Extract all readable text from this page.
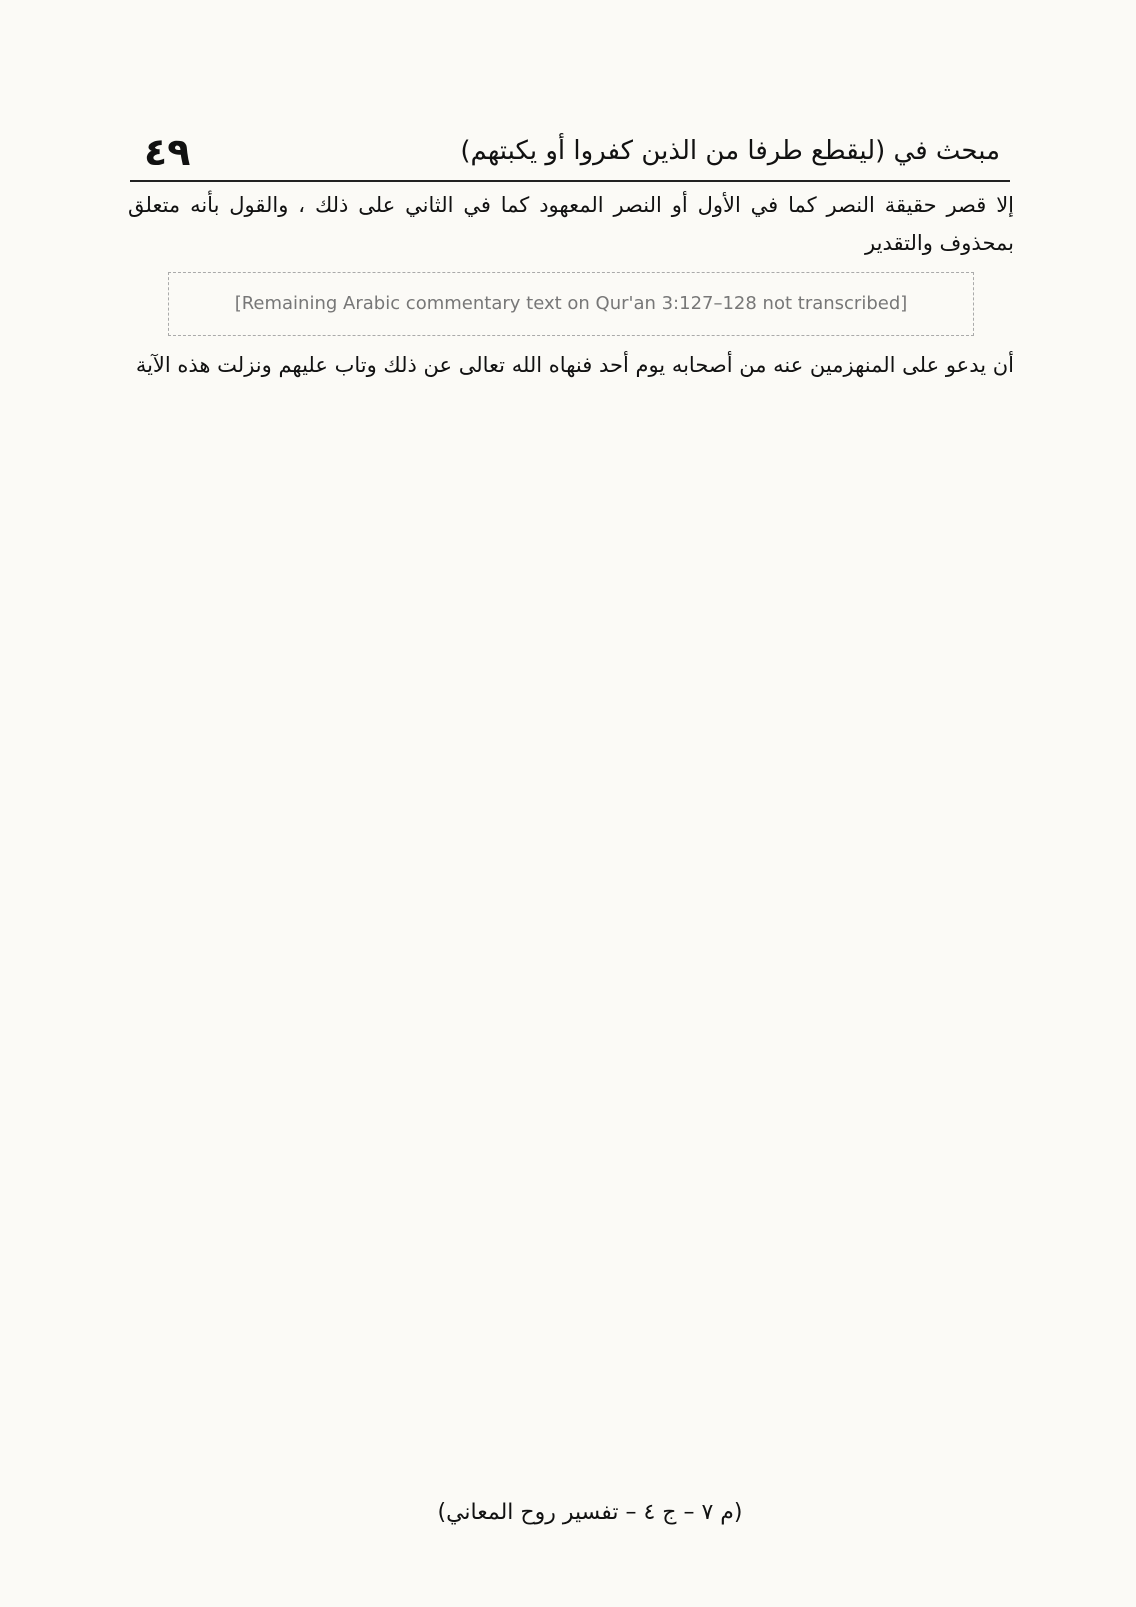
٤٩	مبحث في (ليقطع طرفا من الذين كفروا أو يكبتهم)

إلا قصر حقيقة النصر كما في الأول أو النصر المعهود كما في الثاني على ذلك ، والقول بأنه متعلق بمحذوف والتقدير

[Remaining Arabic commentary text on Qur'an 3:127–128 not transcribed]

أن يدعو على المنهزمين عنه من أصحابه يوم أحد فنهاه الله تعالى عن ذلك وتاب عليهم ونزلت هذه الآية

(م ٧ – ج ٤ – تفسير روح المعاني)
